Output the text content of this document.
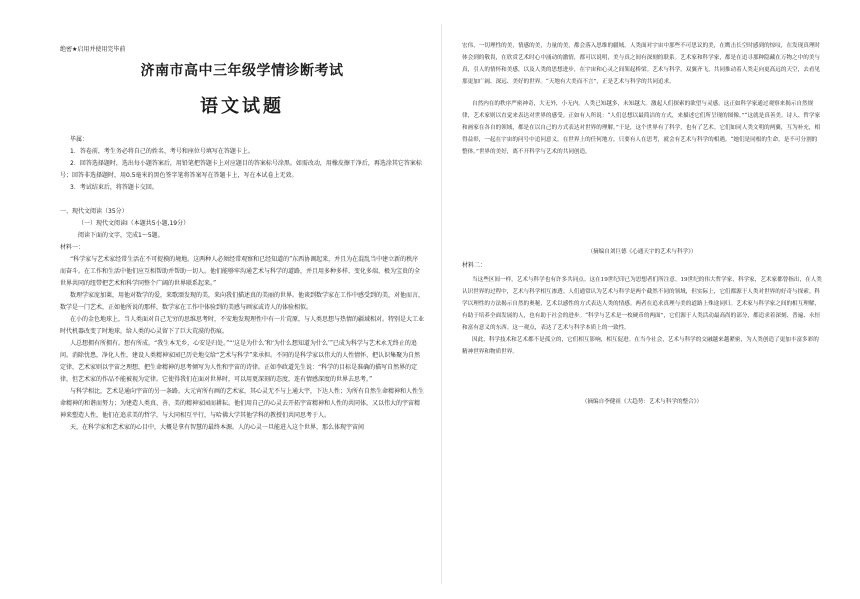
绝密★启用并使用完毕前
济南市高中三年级学情诊断考试
语文试题

毕属：

1．答卷前，考生务必将自己的姓名、考号和座位号填写在答题卡上。

2．回答选择题时，选出每小题答案后，用铅笔把答题卡上对应题目的答案标号涂黑。如需改动，用橡皮擦干净后，再选涂其它答案标号；回答非选择题时，用0.5毫米的黑色签字笔将答案写在答题卡上，写在本试卷上无效。

3．考试结束后，将答题卡交回。

一、现代文阅读（35分）

（一）现代文阅读Ⅰ（本题共5小题,19分）

阅读下面的文字，完成1～5题。

材料一：

“科学家与艺术家经常生活在不可捉摸的境地。这两种人必须经常观察和已经知道的”东西协调起来，并且为在混乱当中建立新的秩序而奋斗。在工作和生活中他们应互相帮助并帮助一切人。他们能够牢沟通艺术与科学的道路，并且用多种多样、变化多端、极为宝贵的全世界共同的纽带把艺术和科学同整个广阔的世界联系起来。”

数理学家庞加莱，用他对数学的爱，来歌颂发现的美，来向我们描述真的美丽的世界。他谈到数学家在工作中感受到的美，对他而言，数学是一门艺术，正如他所说的那样，数学家在工作中体验到的美感与画家或诗人的体验相似。

在小的金色地球上，当人类面对自己无穷的思维思考时，不安地发现理性中有一片荒原，与人类思想与热情的疆域相对。特别是大工业时代机器改变了时地球，给人类的心灵留下了巨大荒漠的伤痕。

人总想拥有所拥有。想有所成。“我生本无乡，心安是归处。”“‘这是为什么’和‘为什么想知道为什么’”已成为科学与艺术永无终止的追问。消除忧患，净化人性，建设人类精神家园已历史地交给“艺术与科学”来承担。不同的是科学家以伟大的人性情怀，把认识集聚为自然定律，艺术家则以宇宙之理想，把生命精神的思考倾写为人性和宇宙的诗律。正如李政道先生说：“科学的目标是准确的描写自然界的定律，但艺术家的作品不能被视为定律。它使得我们在面对世界时，可以用更深刻的态度，连有情感深度的世界去思考。”

与科学相比，艺术是通向宇宙的另一条路。大元宵所有画的艺术家，其心灵无不与上通大宇，下达人性；为所有自然生命精神和人性生命精神的和谐而努力；为建造人类真、善、美的精神家园而耕耘。他们用自己的心灵去开拓宇宙精神和人性的共同体，又以伟大的宇宙精神来塑造人性，他们在追求美的哲学，与大同相互平行，与哈佛大学其他学科的教授们共同思考于人。

天，在科学家和艺术家的心目中，大概是拿有智慧的最终本源。人的心灵一旦能进入这个世界，那么体现宇宙间

宏伟，一切理性的美，情感的美，力量的美，都会落入思维的疆域。人类面对宇宙中那些不可思议的美，在鹰击长空时感到的惊叹，在发现真理时体会到的敬畏，在欣赏艺术时心中涌动的激情，都可以说明，美与真之间有深刻的联系。艺术家和科学家，都是在追寻那种隐藏在万物之中的美与真，引人的情怀和美感，以及人类的思想进步，在宇宙和心灵之间架起桥梁。艺术与科学，双翼齐飞，共同推动着人类走向更高远的天空，去看见那更加广阔、深远、美好的世界。“天地有大美而不言”，正是艺术与科学的共同追求。

自然内在的秩序严密神奇，大无外，小无内。人类已知越多，未知越大。激起人们探索的欲望与灵感。这正如科学家通过观察来揭示自然规律，艺术家则以直觉来表达对世界的感受。正如有人所说：“人们总想以最简洁的方式，来描述它们所呈现的图像。”“这就是真善美。诗人、哲学家和画家在各自的领域，都是在以自己的方式表达对世界的理解。”于是，这个世界有了科学，也有了艺术。它们如同人类文明的两翼，互为补充，相得益彰，一起在宇宙的问号中追问意义。在世界上的任何地方，只要有人在思考，就会有艺术与科学的相遇。“她们是同根的生命，是不可分割的整体。”世界的美好，离不开科学与艺术的共同创造。

（摘编自刘巨德《心通天宇的艺术与科学》）
材料二：

当这些区间一样，艺术与科学也有许多共同点。这在19世纪印已为思想者们所注意。19世纪的伟大哲学家，科学家，艺术家都曾指出，在人类认识世界的过程中，艺术与科学相互渗透。人们通常认为艺术与科学是两个截然不同的领域，但实际上，它们都源于人类对世界的好奇与探索。科学以理性的方法揭示自然的奥秘，艺术以感性的方式表达人类的情感。两者在追求真理与美的道路上殊途同归。艺术家与科学家之间的相互理解，有助于培养全面发展的人，也有助于社会的进步。“科学与艺术是一枚硬币的两面”，它们源于人类活动最高尚的部分，都追求着深刻、普遍、永恒和富有意义的东西。这一观点，表达了艺术与科学本质上的一致性。

因此，科学技术和艺术都不是孤立的，它们相互影响，相互促进。在当今社会，艺术与科学的交融越来越紧密，为人类创造了更加丰富多彩的精神世界和物质世界。

（摘编自李健祖《大趋势：艺术与科学的整合》）
